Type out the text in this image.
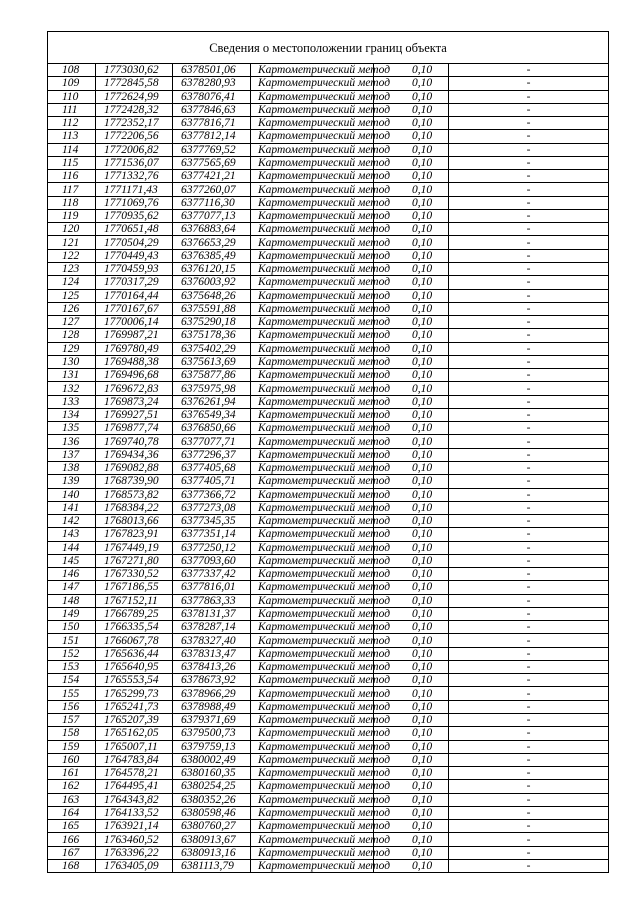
Сведения о местоположении границ объекта					
108	1773030,62	6378501,06	Картометрический метод	0,10	-
109	1772845,58	6378280,93	Картометрический метод	0,10	-
110	1772624,99	6378076,41	Картометрический метод	0,10	-
111	1772428,32	6377846,63	Картометрический метод	0,10	-
112	1772352,17	6377816,71	Картометрический метод	0,10	-
113	1772206,56	6377812,14	Картометрический метод	0,10	-
114	1772006,82	6377769,52	Картометрический метод	0,10	-
115	1771536,07	6377565,69	Картометрический метод	0,10	-
116	1771332,76	6377421,21	Картометрический метод	0,10	-
117	1771171,43	6377260,07	Картометрический метод	0,10	-
118	1771069,76	6377116,30	Картометрический метод	0,10	-
119	1770935,62	6377077,13	Картометрический метод	0,10	-
120	1770651,48	6376883,64	Картометрический метод	0,10	-
121	1770504,29	6376653,29	Картометрический метод	0,10	-
122	1770449,43	6376385,49	Картометрический метод	0,10	-
123	1770459,93	6376120,15	Картометрический метод	0,10	-
124	1770317,29	6376003,92	Картометрический метод	0,10	-
125	1770164,44	6375648,26	Картометрический метод	0,10	-
126	1770167,67	6375591,88	Картометрический метод	0,10	-
127	1770006,14	6375290,18	Картометрический метод	0,10	-
128	1769987,21	6375178,36	Картометрический метод	0,10	-
129	1769780,49	6375402,29	Картометрический метод	0,10	-
130	1769488,38	6375613,69	Картометрический метод	0,10	-
131	1769496,68	6375877,86	Картометрический метод	0,10	-
132	1769672,83	6375975,98	Картометрический метод	0,10	-
133	1769873,24	6376261,94	Картометрический метод	0,10	-
134	1769927,51	6376549,34	Картометрический метод	0,10	-
135	1769877,74	6376850,66	Картометрический метод	0,10	-
136	1769740,78	6377077,71	Картометрический метод	0,10	-
137	1769434,36	6377296,37	Картометрический метод	0,10	-
138	1769082,88	6377405,68	Картометрический метод	0,10	-
139	1768739,90	6377405,71	Картометрический метод	0,10	-
140	1768573,82	6377366,72	Картометрический метод	0,10	-
141	1768384,22	6377273,08	Картометрический метод	0,10	-
142	1768013,66	6377345,35	Картометрический метод	0,10	-
143	1767823,91	6377351,14	Картометрический метод	0,10	-
144	1767449,19	6377250,12	Картометрический метод	0,10	-
145	1767271,80	6377093,60	Картометрический метод	0,10	-
146	1767330,52	6377337,42	Картометрический метод	0,10	-
147	1767186,55	6377816,01	Картометрический метод	0,10	-
148	1767152,11	6377863,33	Картометрический метод	0,10	-
149	1766789,25	6378131,37	Картометрический метод	0,10	-
150	1766335,54	6378287,14	Картометрический метод	0,10	-
151	1766067,78	6378327,40	Картометрический метод	0,10	-
152	1765636,44	6378313,47	Картометрический метод	0,10	-
153	1765640,95	6378413,26	Картометрический метод	0,10	-
154	1765553,54	6378673,92	Картометрический метод	0,10	-
155	1765299,73	6378966,29	Картометрический метод	0,10	-
156	1765241,73	6378988,49	Картометрический метод	0,10	-
157	1765207,39	6379371,69	Картометрический метод	0,10	-
158	1765162,05	6379500,73	Картометрический метод	0,10	-
159	1765007,11	6379759,13	Картометрический метод	0,10	-
160	1764783,84	6380002,49	Картометрический метод	0,10	-
161	1764578,21	6380160,35	Картометрический метод	0,10	-
162	1764495,41	6380254,25	Картометрический метод	0,10	-
163	1764343,82	6380352,26	Картометрический метод	0,10	-
164	1764133,52	6380598,46	Картометрический метод	0,10	-
165	1763921,14	6380760,27	Картометрический метод	0,10	-
166	1763460,52	6380913,67	Картометрический метод	0,10	-
167	1763396,22	6380913,16	Картометрический метод	0,10	-
168	1763405,09	6381113,79	Картометрический метод	0,10	-
